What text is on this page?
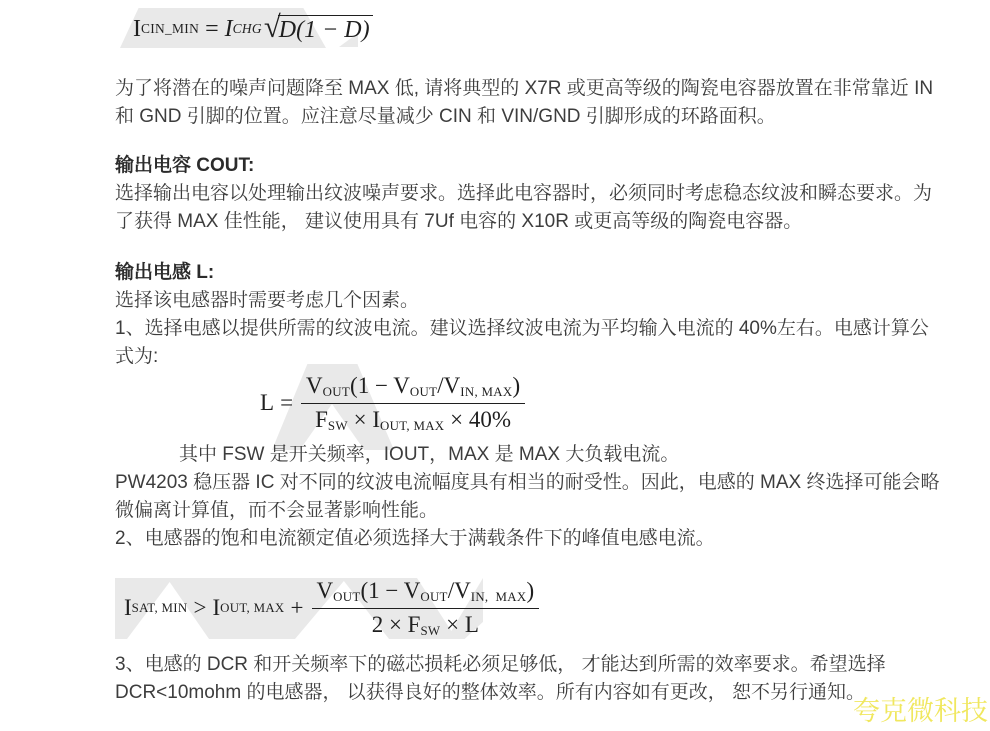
I CIN_MIN = I CHG √
D(1 − D)
为了将潜在的噪声问题降至 MAX 低, 请将典型的 X7R 或更高等级的陶瓷电容器放置在非常靠近 IN
和 GND 引脚的位置。应注意尽量减少 CIN 和 VIN/GND 引脚形成的环路面积。
输出电容 COUT:
选择输出电容以处理输出纹波噪声要求。选择此电容器时，必须同时考虑稳态纹波和瞬态要求。为
了获得 MAX 佳性能， 建议使用具有 7Uf 电容的 X10R 或更高等级的陶瓷电容器。
输出电感 L:
选择该电感器时需要考虑几个因素。
1、选择电感以提供所需的纹波电流。建议选择纹波电流为平均输入电流的 40%左右。电感计算公
式为:
$L = \frac{\text{VOUT(1 − VOUT/VIN, MAX)}}{\text{FSW × IOUT, MAX × 40\%}}$
其中 FSW 是开关频率，IOUT，MAX 是 MAX 大负载电流。
PW4203 稳压器 IC 对不同的纹波电流幅度具有相当的耐受性。因此，电感的 MAX 终选择可能会略
微偏离计算值，而不会显著影响性能。
2、电感器的饱和电流额定值必须选择大于满载条件下的峰值电感电流。
I SAT, MIN > I OUT, MAX + $\frac{\text{VOUT(1 − VOUT/VIN,  MAX)}}{\text{2 × FSW × L}}$
3、电感的 DCR 和开关频率下的磁芯损耗必须足够低， 才能达到所需的效率要求。希望选择
DCR<10mohm 的电感器， 以获得良好的整体效率。所有内容如有更改， 恕不另行通知。
夸克微科技
